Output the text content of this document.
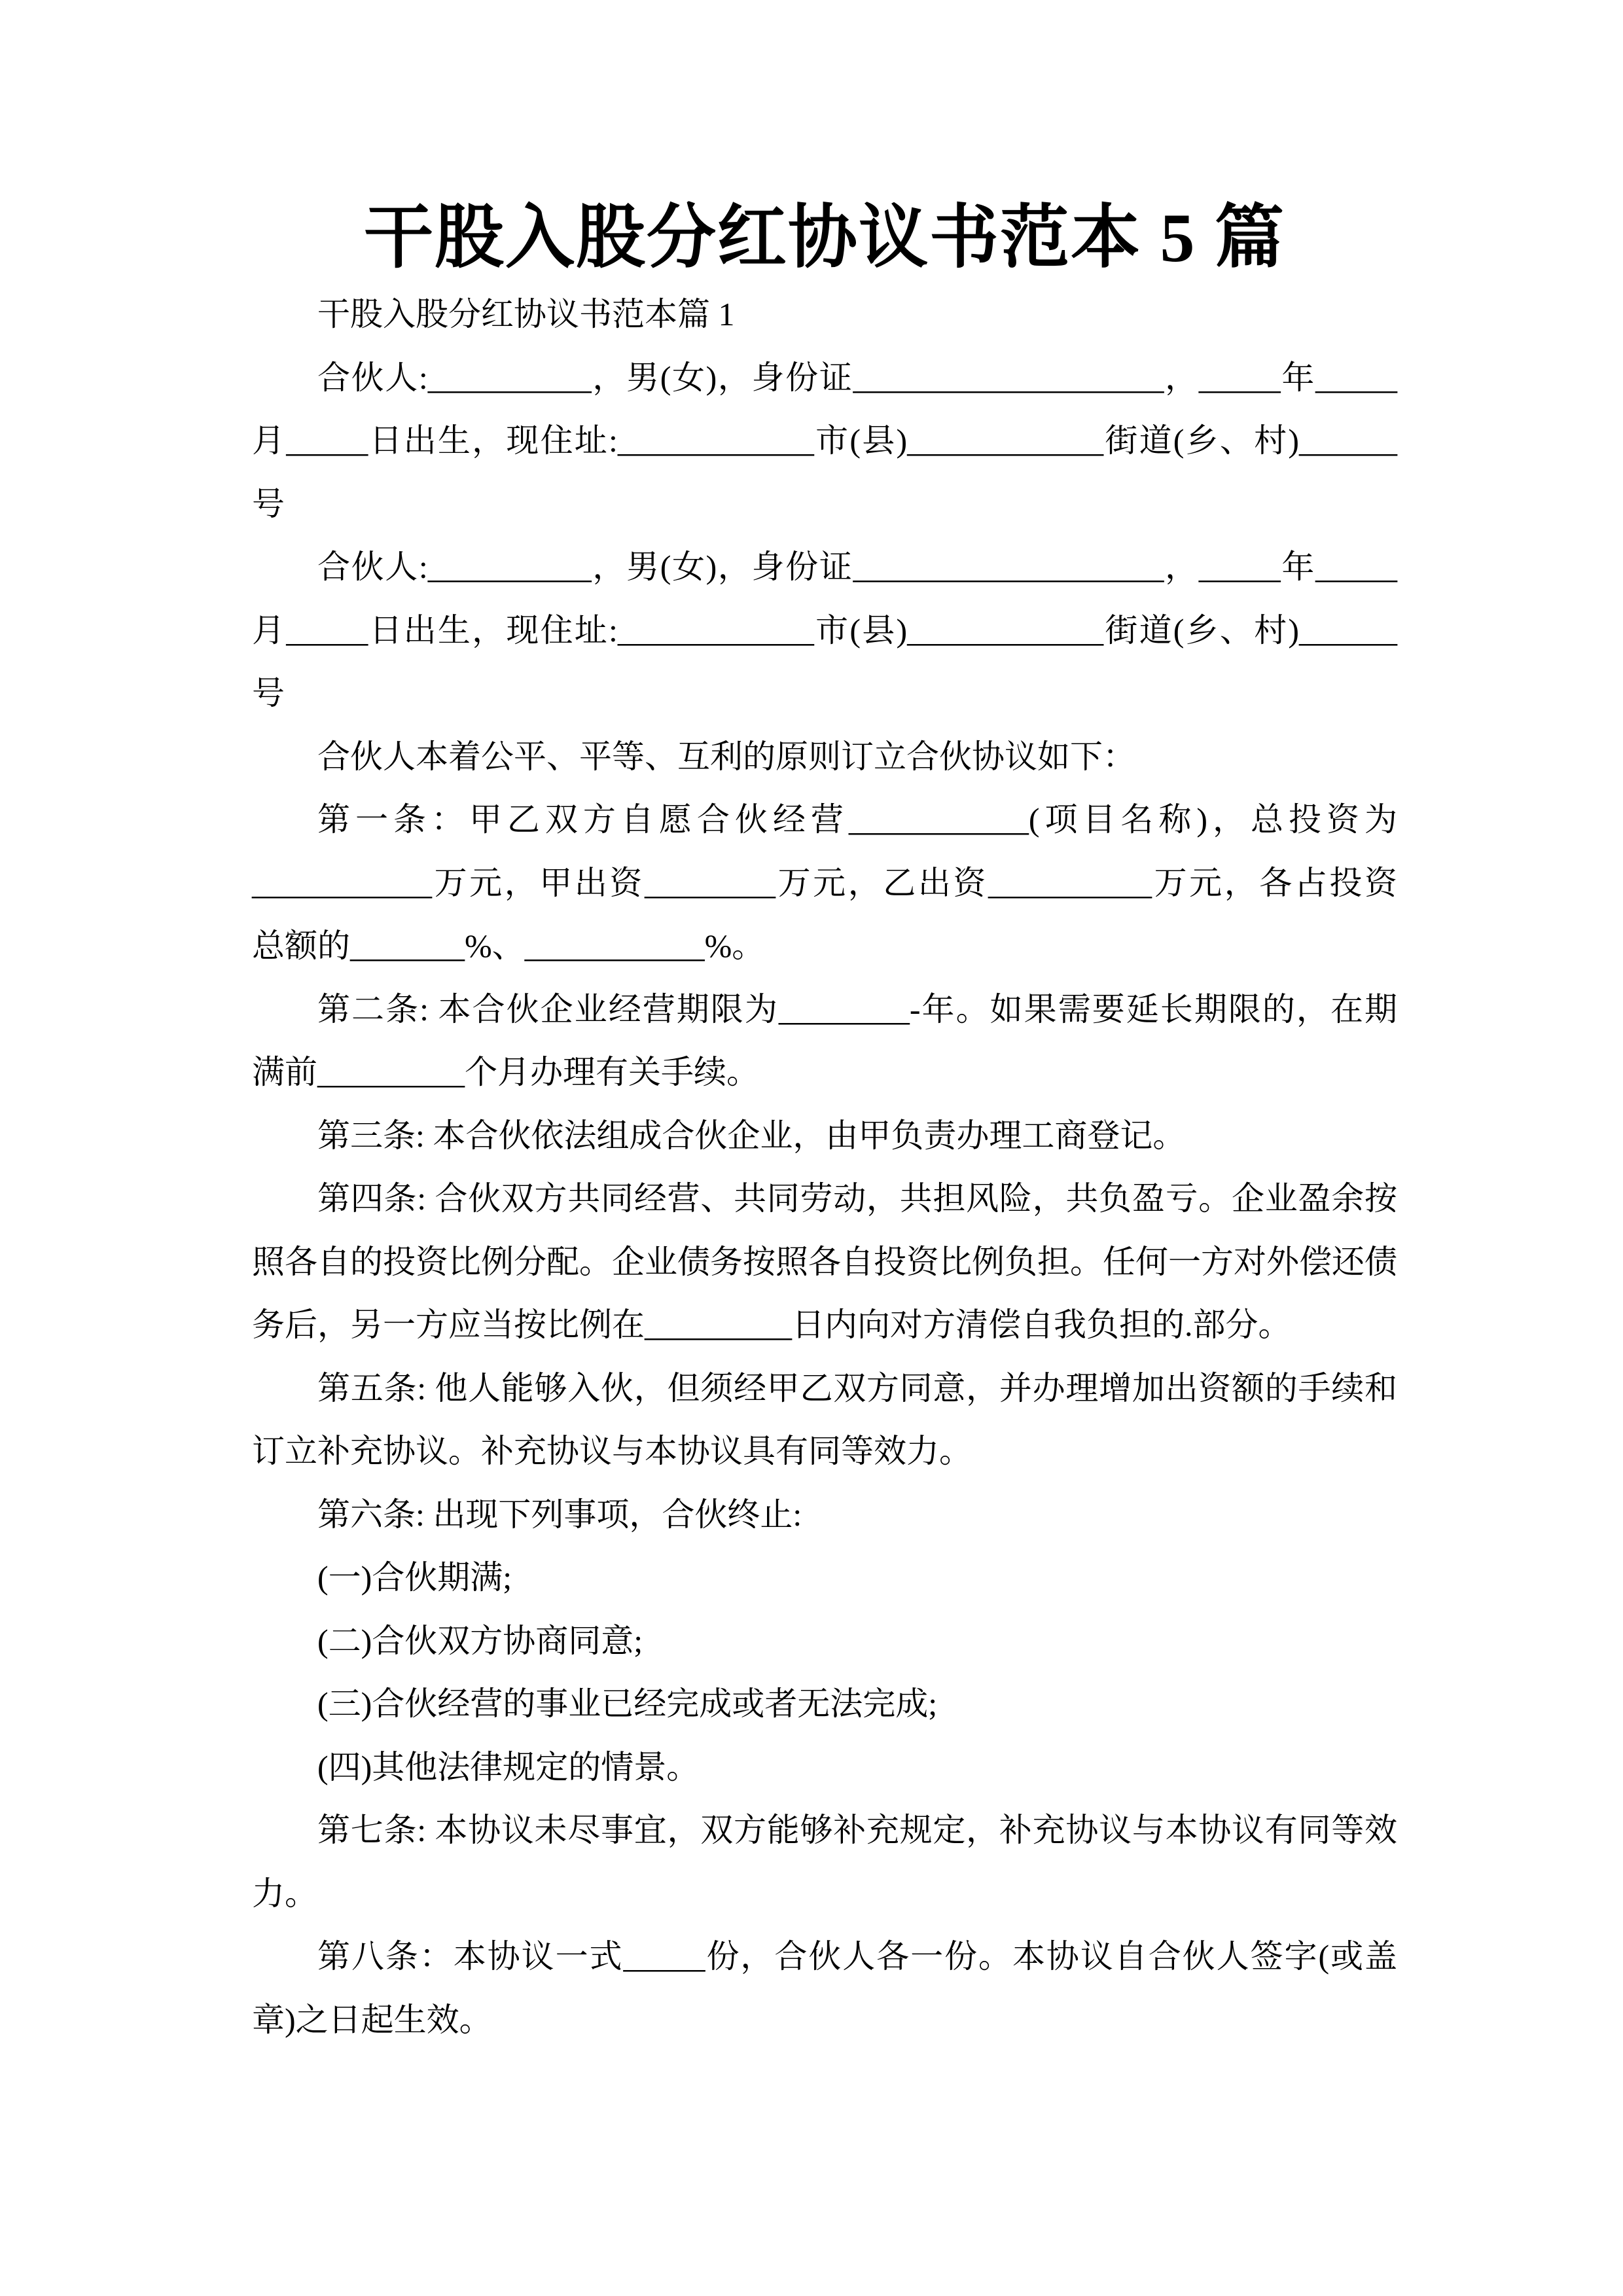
干股入股分红协议书范本 5 篇
干股入股分红协议书范本篇 1
合伙人:__________，男(女)，身份证___________________，_____年_____
月_____日出生，现住址:____________市(县)____________街道(乡、村)______
号
合伙人:__________，男(女)，身份证___________________，_____年_____
月_____日出生，现住址:____________市(县)____________街道(乡、村)______
号
合伙人本着公平、平等、互利的原则订立合伙协议如下：
第一条：甲乙双方自愿合伙经营___________(项目名称)，总投资为
___________万元，甲出资________万元，乙出资__________万元，各占投资
总额的_______%、___________%。
第二条: 本合伙企业经营期限为________-年。如果需要延长期限的，在期
满前_________个月办理有关手续。
第三条: 本合伙依法组成合伙企业，由甲负责办理工商登记。
第四条: 合伙双方共同经营、共同劳动，共担风险，共负盈亏。企业盈余按
照各自的投资比例分配。企业债务按照各自投资比例负担。任何一方对外偿还债
务后，另一方应当按比例在_________日内向对方清偿自我负担的.部分。
第五条: 他人能够入伙，但须经甲乙双方同意，并办理增加出资额的手续和
订立补充协议。补充协议与本协议具有同等效力。
第六条: 出现下列事项，合伙终止:
(一)合伙期满;
(二)合伙双方协商同意;
(三)合伙经营的事业已经完成或者无法完成;
(四)其他法律规定的情景。
第七条: 本协议未尽事宜，双方能够补充规定，补充协议与本协议有同等效
力。
第八条：本协议一式_____份，合伙人各一份。本协议自合伙人签字(或盖
章)之日起生效。
